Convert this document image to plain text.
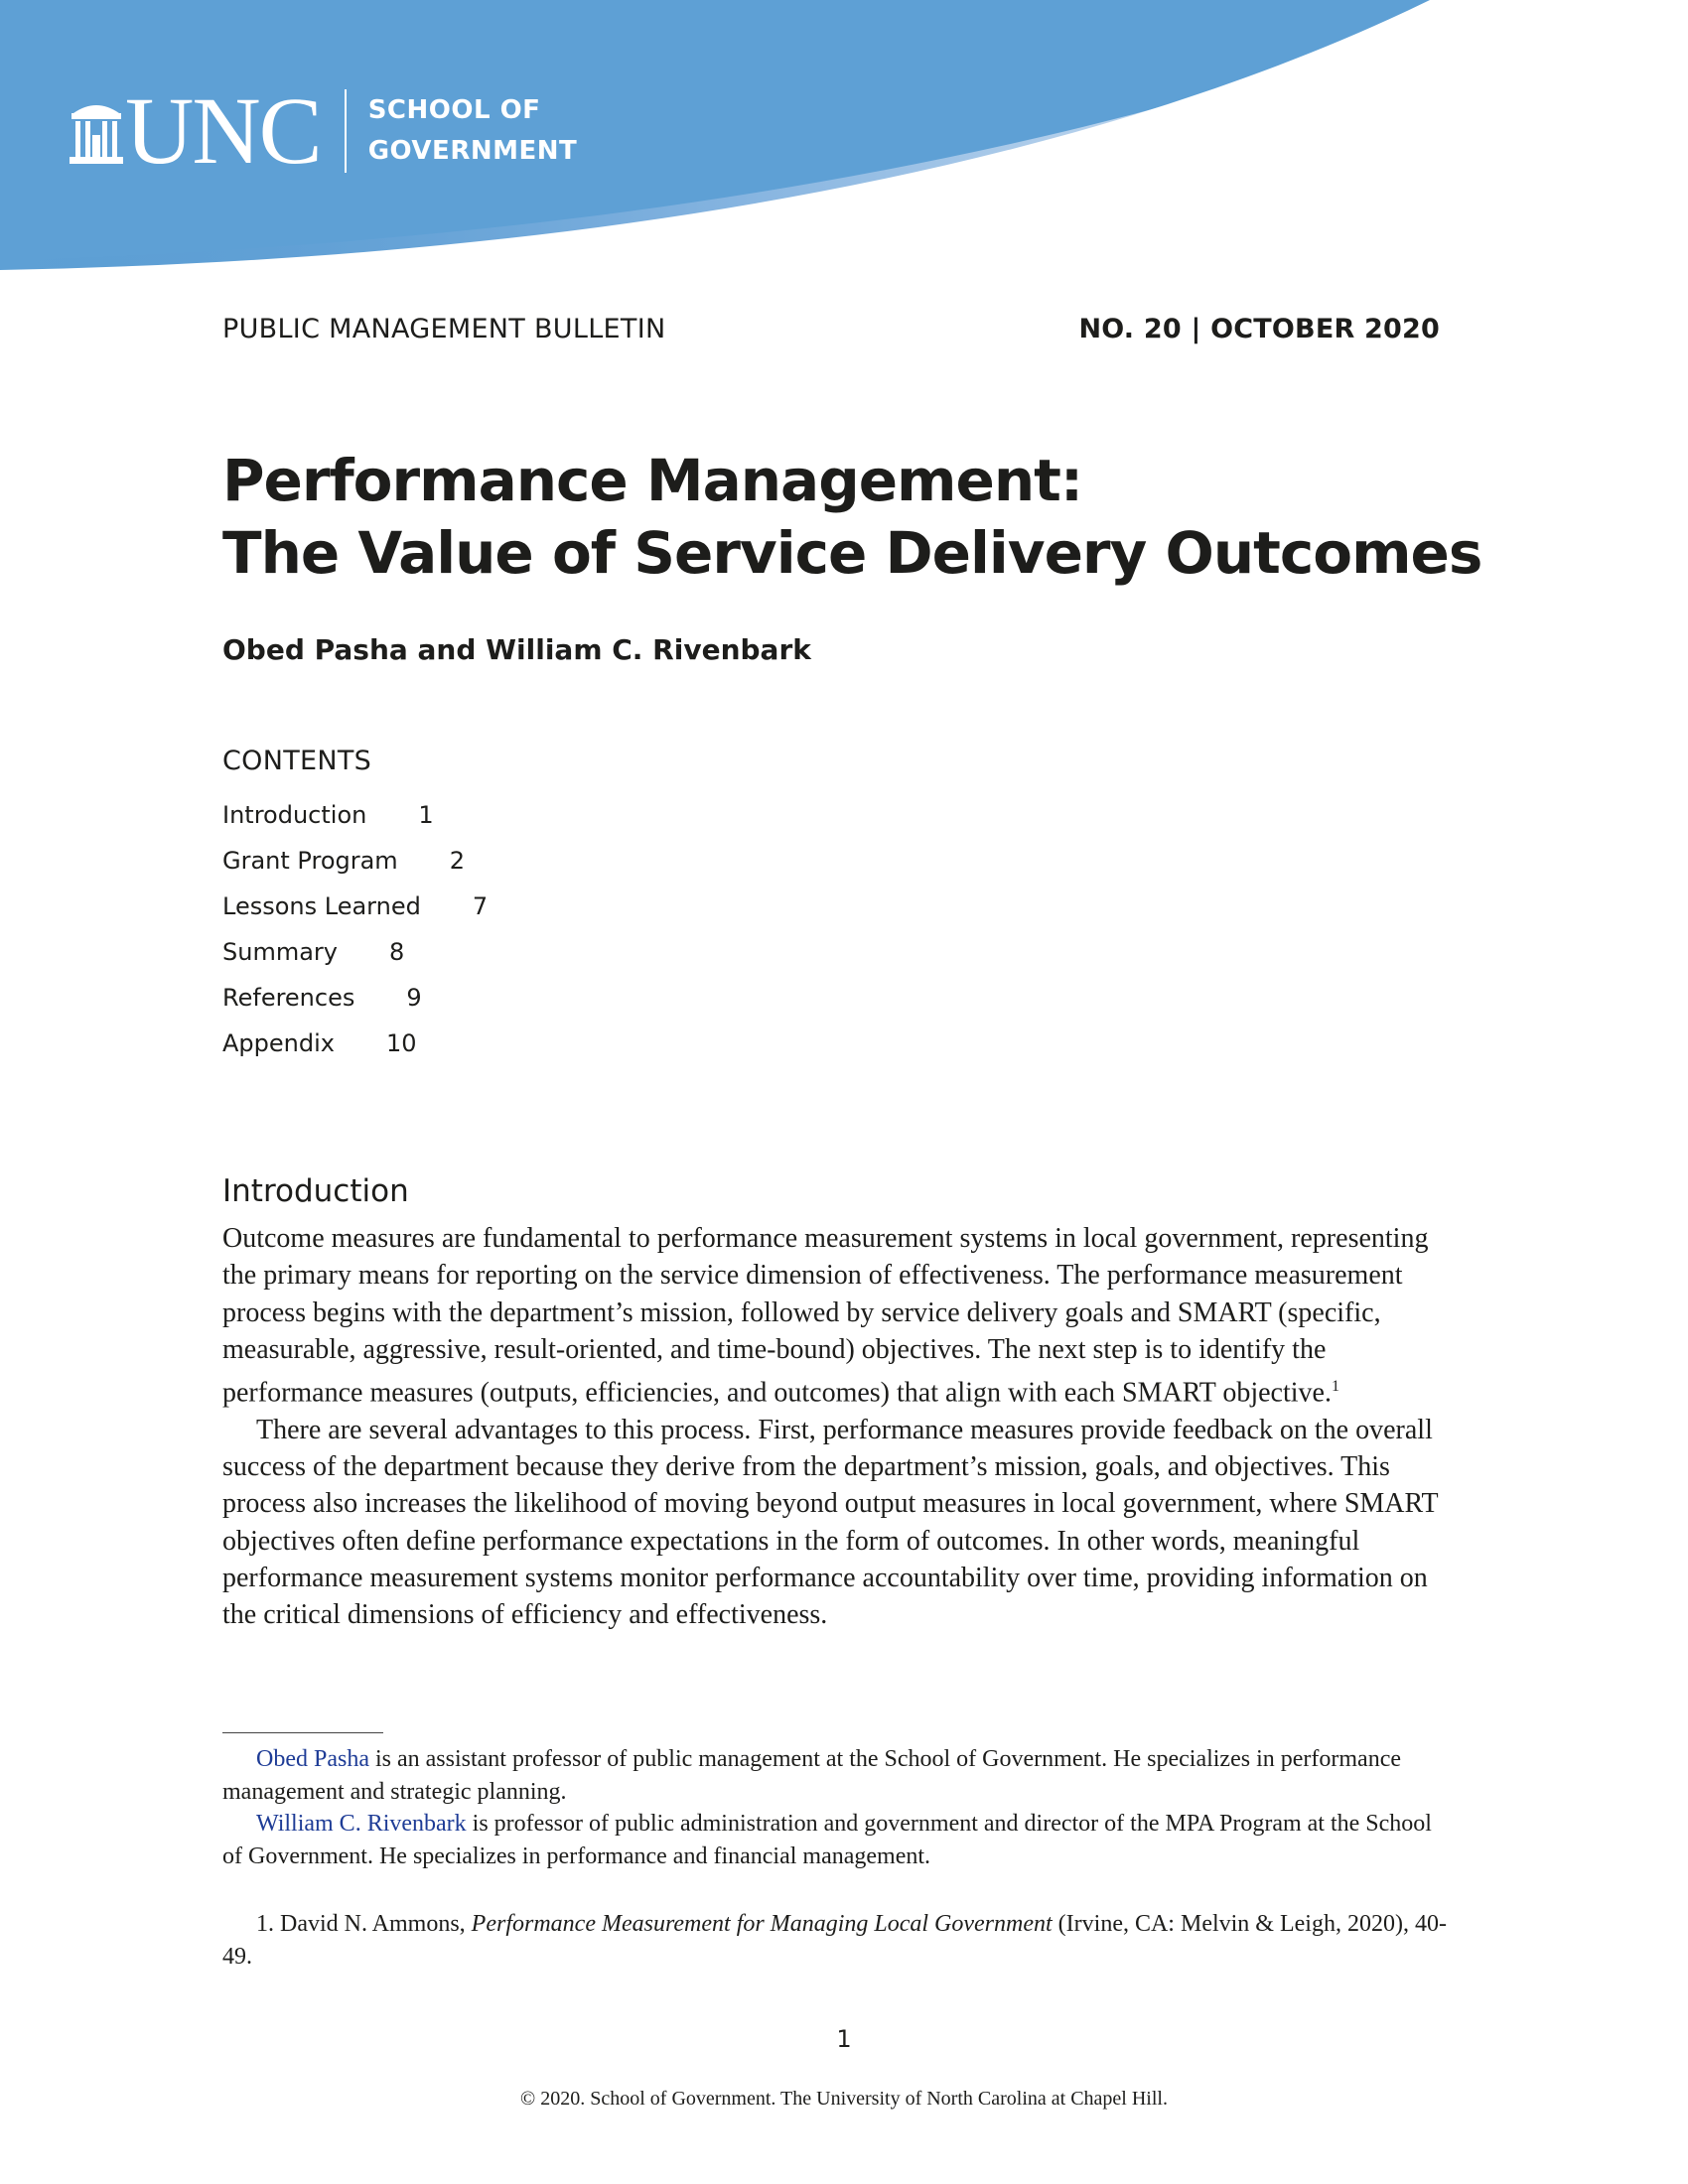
UNC SCHOOL OF
GOVERNMENT
PUBLIC MANAGEMENT BULLETIN	NO. 20 | OCTOBER 2020
Performance Management:
The Value of Service Delivery Outcomes
Obed Pasha and William C. Rivenbark
CONTENTS
Introduction 1
Grant Program 2
Lessons Learned 7
Summary 8
References 9
Appendix 10
Introduction

Outcome measures are fundamental to performance measurement systems in local government, representing the primary means for reporting on the service dimension of effectiveness. The performance measurement process begins with the department’s mission, followed by service delivery goals and SMART (specific, measurable, aggressive, result-oriented, and time-bound) objectives. The next step is to identify the performance measures (outputs, efficiencies, and outcomes) that align with each SMART objective.$^1$

There are several advantages to this process. First, performance measures provide feedback on the overall success of the department because they derive from the department’s mission, goals, and objectives. This process also increases the likelihood of moving beyond output measures in local government, where SMART objectives often define performance expectations in the form of outcomes. In other words, meaningful performance measurement systems monitor performance accountability over time, providing information on the critical dimensions of efficiency and effectiveness.

Obed Pasha is an assistant professor of public management at the School of Government. He specializes in performance management and strategic planning.

William C. Rivenbark is professor of public administration and government and director of the MPA Program at the School of Government. He specializes in performance and financial management.

1. David N. Ammons, Performance Measurement for Managing Local Government (Irvine, CA: Melvin & Leigh, 2020), 40-49.

1
© 2020. School of Government. The University of North Carolina at Chapel Hill.
